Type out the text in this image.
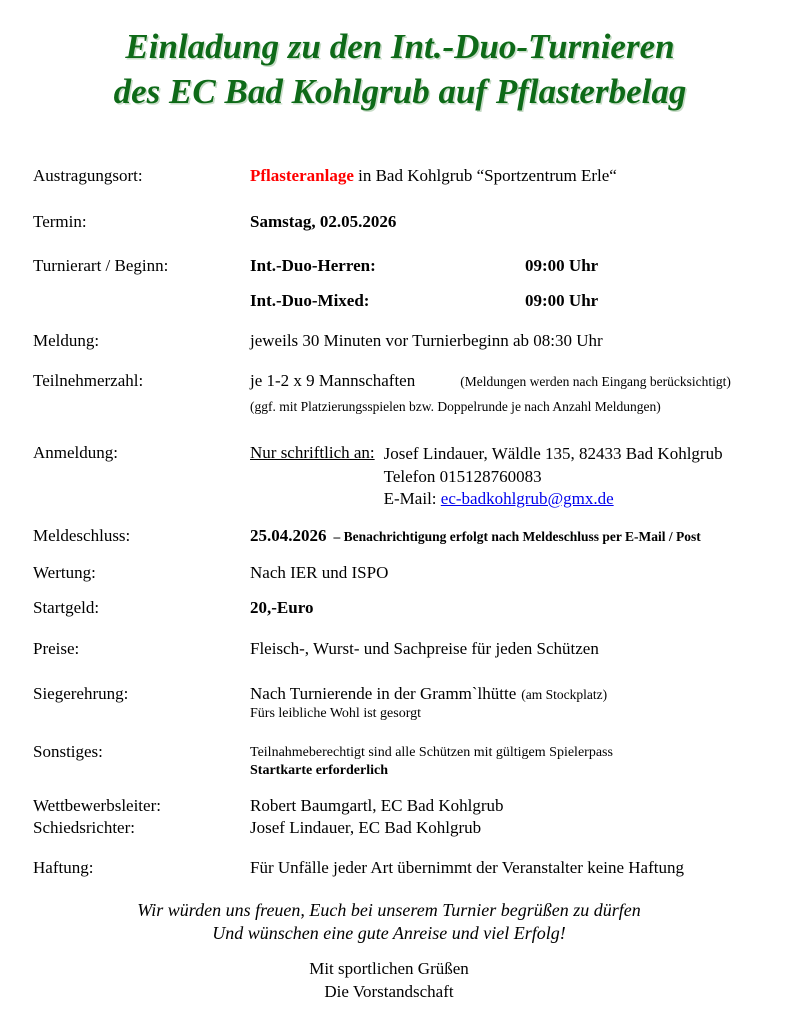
Einladung zu den Int.-Duo-Turnieren
des EC Bad Kohlgrub auf Pflasterbelag
Austragungsort:	Pflasteranlage in Bad Kohlgrub “Sportzentrum Erle“
Termin:	Samstag, 02.05.2026
Turnierart / Beginn:	Int.-Duo-Herren:	09:00 Uhr
Int.-Duo-Mixed:	09:00 Uhr
Meldung:	jeweils 30 Minuten vor Turnierbeginn ab 08:30 Uhr
Teilnehmerzahl:	je 1-2 x 9 Mannschaften	(Meldungen werden nach Eingang berücksichtigt)
(ggf. mit Platzierungsspielen bzw. Doppelrunde je nach Anzahl Meldungen)
Anmeldung:	Nur schriftlich an: Josef Lindauer, Wäldle 135, 82433 Bad Kohlgrub
Telefon 015128760083
E-Mail: ec-badkohlgrub@gmx.de
Meldeschluss:	25.04.2026 – Benachrichtigung erfolgt nach Meldeschluss per E-Mail / Post
Wertung:	Nach IER und ISPO
Startgeld:	20,-Euro
Preise:	Fleisch-, Wurst- und Sachpreise für jeden Schützen
Siegerehrung:	Nach Turnierende in der Gramm`lhütte (am Stockplatz)
Fürs leibliche Wohl ist gesorgt
Sonstiges:	Teilnahmeberechtigt sind alle Schützen mit gültigem Spielerpass
Startkarte erforderlich
Wettbewerbsleiter:	Robert Baumgartl, EC Bad Kohlgrub
Schiedsrichter:	Josef Lindauer, EC Bad Kohlgrub
Haftung:	Für Unfälle jeder Art übernimmt der Veranstalter keine Haftung
Wir würden uns freuen, Euch bei unserem Turnier begrüßen zu dürfen
Und wünschen eine gute Anreise und viel Erfolg!
Mit sportlichen Grüßen
Die Vorstandschaft
